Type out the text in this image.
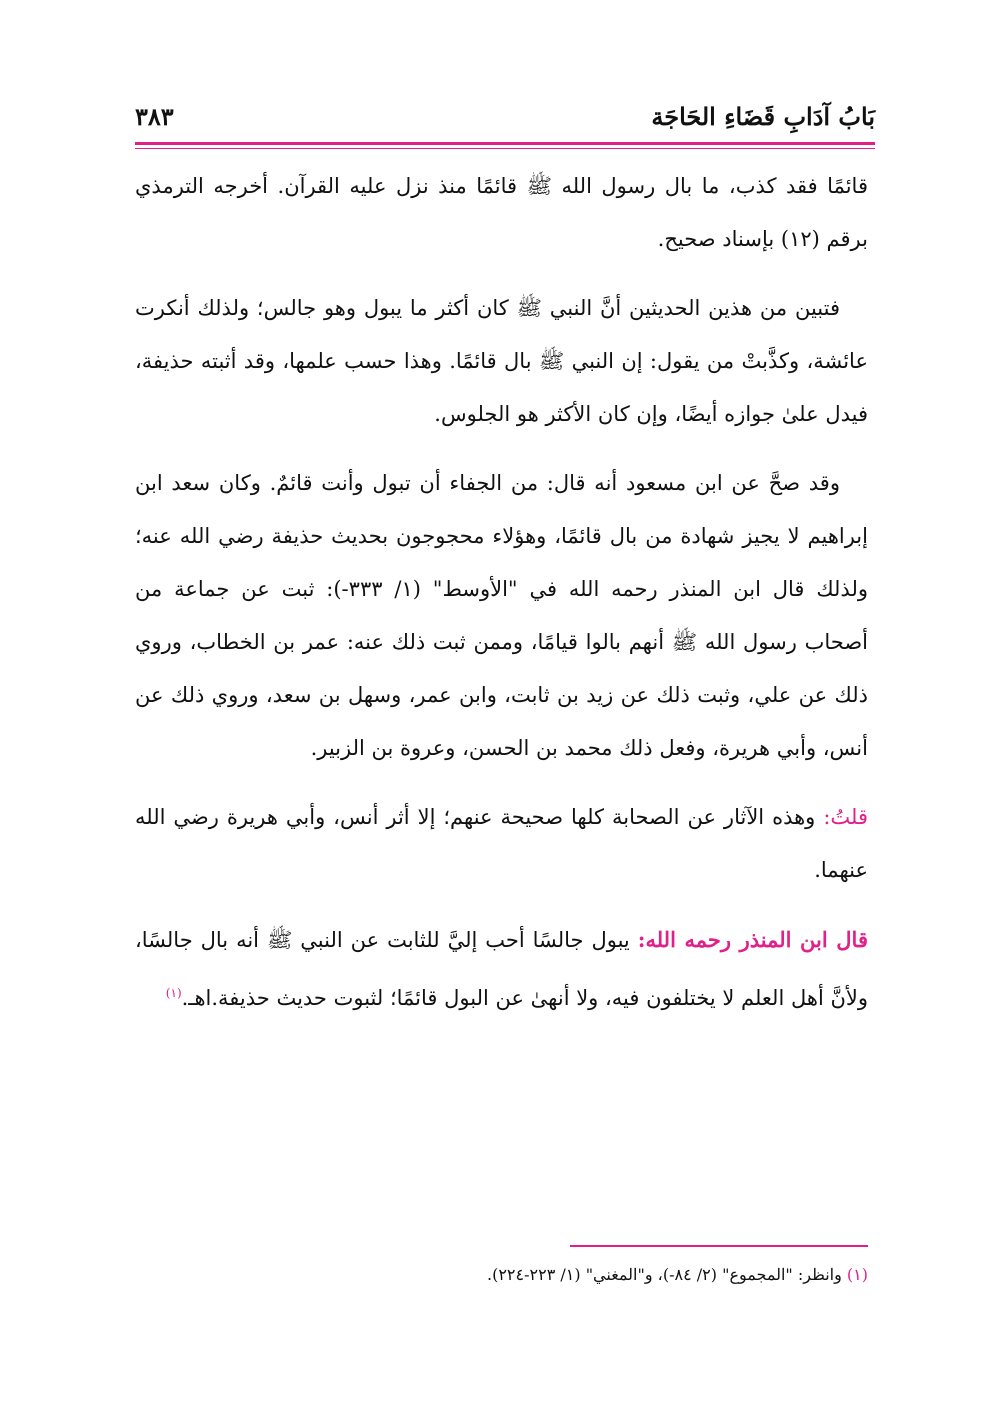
بَابُ آدَابِ قَضَاءِ الحَاجَة
٣٨٣

قائمًا فقد كذب، ما بال رسول الله ﷺ قائمًا منذ نزل عليه القرآن. أخرجه الترمذي برقم (١٢) بإسناد صحيح.

فتبين من هذين الحديثين أنَّ النبي ﷺ كان أكثر ما يبول وهو جالس؛ ولذلك أنكرت عائشة، وكذَّبتْ من يقول: إن النبي ﷺ بال قائمًا. وهذا حسب علمها، وقد أثبته حذيفة، فيدل علىٰ جوازه أيضًا، وإن كان الأكثر هو الجلوس.

وقد صحَّ عن ابن مسعود أنه قال: من الجفاء أن تبول وأنت قائمٌ. وكان سعد ابن إبراهيم لا يجيز شهادة من بال قائمًا، وهؤلاء محجوجون بحديث حذيفة رضي الله عنه؛ ولذلك قال ابن المنذر رحمه الله في "الأوسط" (١/ ٣٣٣-): ثبت عن جماعة من أصحاب رسول الله ﷺ أنهم بالوا قيامًا، وممن ثبت ذلك عنه: عمر بن الخطاب، وروي ذلك عن علي، وثبت ذلك عن زيد بن ثابت، وابن عمر، وسهل بن سعد، وروي ذلك عن أنس، وأبي هريرة، وفعل ذلك محمد بن الحسن، وعروة بن الزبير.

قلتُ: وهذه الآثار عن الصحابة كلها صحيحة عنهم؛ إلا أثر أنس، وأبي هريرة رضي الله عنهما.

قال ابن المنذر رحمه الله: يبول جالسًا أحب إليَّ للثابت عن النبي ﷺ أنه بال جالسًا، ولأنَّ أهل العلم لا يختلفون فيه، ولا أنهىٰ عن البول قائمًا؛ لثبوت حديث حذيفة.اهـ.$^{(١)}$

(١) وانظر: "المجموع" (٢/ ٨٤-)، و"المغني" (١/ ٢٢٣-٢٢٤).
